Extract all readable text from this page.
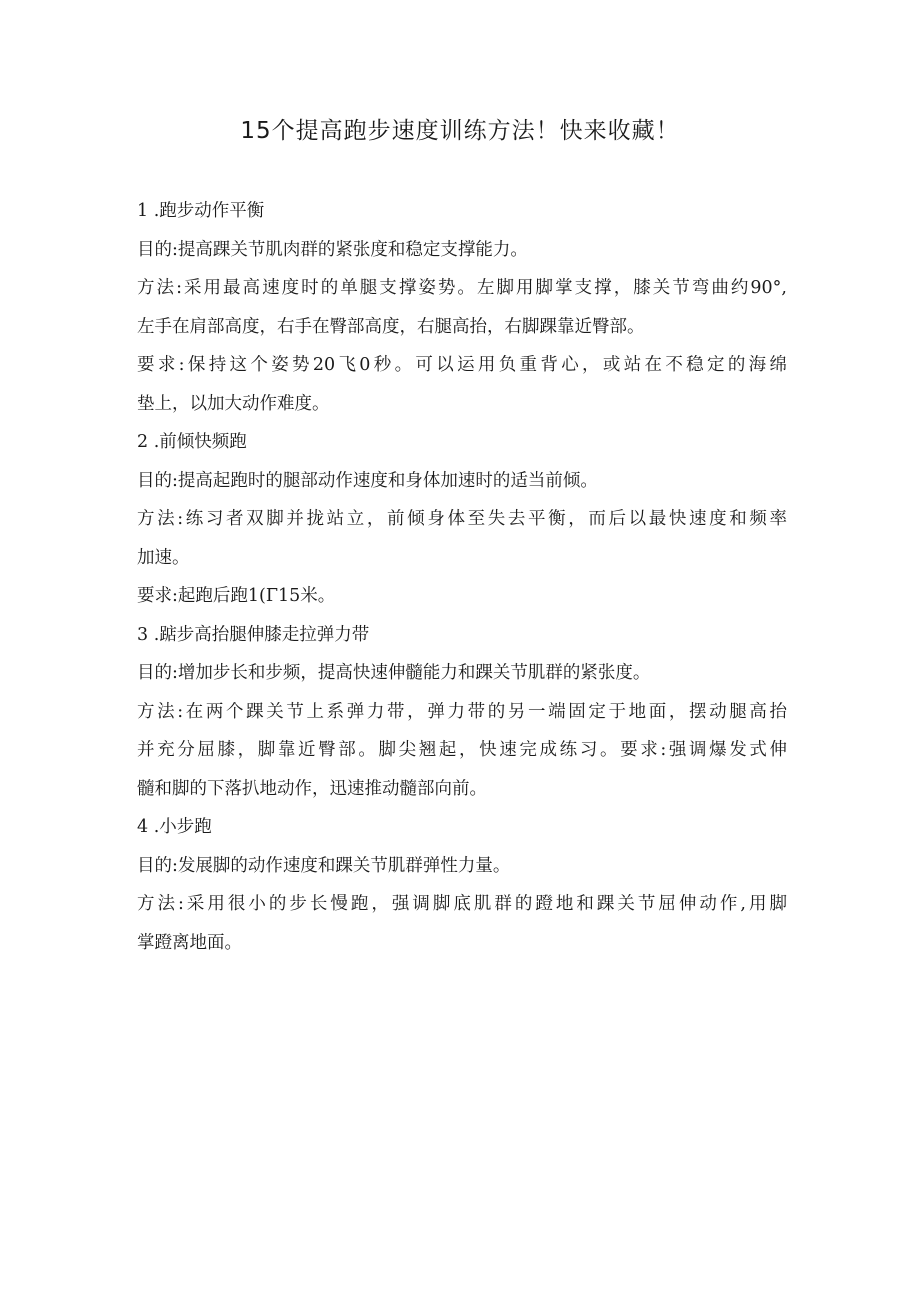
15个提高跑步速度训练方法！快来收藏！
1 .跑步动作平衡
目的:提高踝关节肌肉群的紧张度和稳定支撑能力。
方法:采用最高速度时的单腿支撑姿势。左脚用脚掌支撑，膝关节弯曲约90°,
左手在肩部高度，右手在臀部高度，右腿高抬，右脚踝靠近臀部。
要求:保持这个姿势20飞0秒。可以运用负重背心，或站在不稳定的海绵
垫上，以加大动作难度。
2 .前倾快频跑
目的:提高起跑时的腿部动作速度和身体加速时的适当前倾。
方法:练习者双脚并拢站立，前倾身体至失去平衡，而后以最快速度和频率
加速。
要求:起跑后跑1(Γ15米。
3 .踮步高抬腿伸膝走拉弹力带
目的:增加步长和步频，提高快速伸髓能力和踝关节肌群的紧张度。
方法:在两个踝关节上系弹力带，弹力带的另一端固定于地面，摆动腿高抬
并充分屈膝，脚靠近臀部。脚尖翘起，快速完成练习。要求:强调爆发式伸
髓和脚的下落扒地动作，迅速推动髓部向前。
4 .小步跑
目的:发展脚的动作速度和踝关节肌群弹性力量。
方法:采用很小的步长慢跑，强调脚底肌群的蹬地和踝关节屈伸动作,用脚
掌蹬离地面。
